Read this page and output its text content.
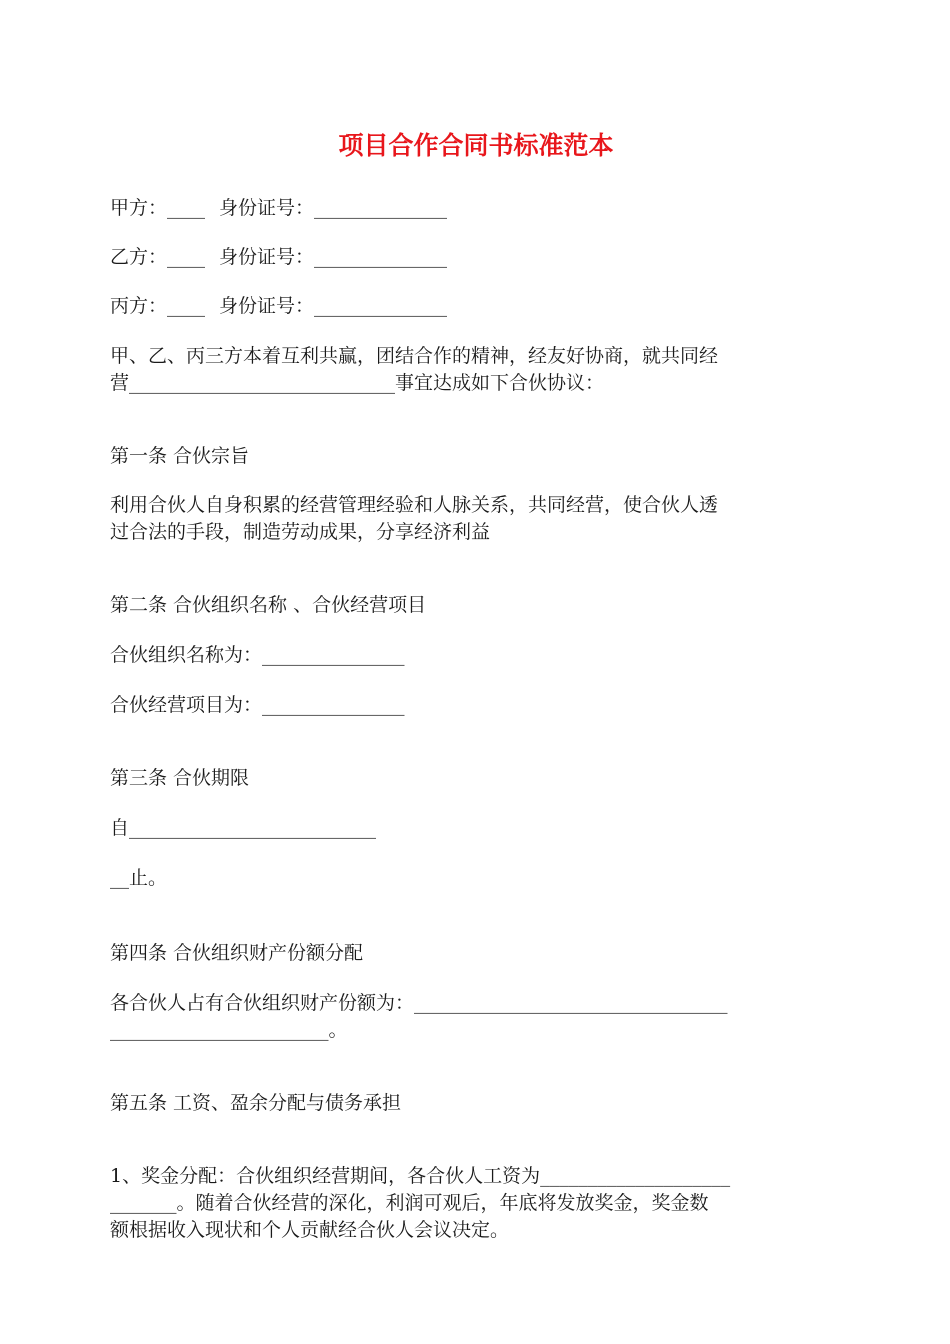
项目合作合同书标准范本
甲方：____ 身份证号：______________
乙方：____ 身份证号：______________
丙方：____ 身份证号：______________
甲、乙、丙三方本着互利共赢，团结合作的精神，经友好协商，就共同经
营____________________________事宜达成如下合伙协议：
第一条 合伙宗旨
利用合伙人自身积累的经营管理经验和人脉关系，共同经营，使合伙人透
过合法的手段，制造劳动成果，分享经济利益
第二条 合伙组织名称 、合伙经营项目
合伙组织名称为：_______________
合伙经营项目为：_______________
第三条 合伙期限
自__________________________
__止。
第四条 合伙组织财产份额分配
各合伙人占有合伙组织财产份额为：_________________________________
_______________________。
第五条 工资、盈余分配与债务承担
1、奖金分配：合伙组织经营期间，各合伙人工资为____________________
_______。随着合伙经营的深化，利润可观后，年底将发放奖金，奖金数
额根据收入现状和个人贡献经合伙人会议决定。
